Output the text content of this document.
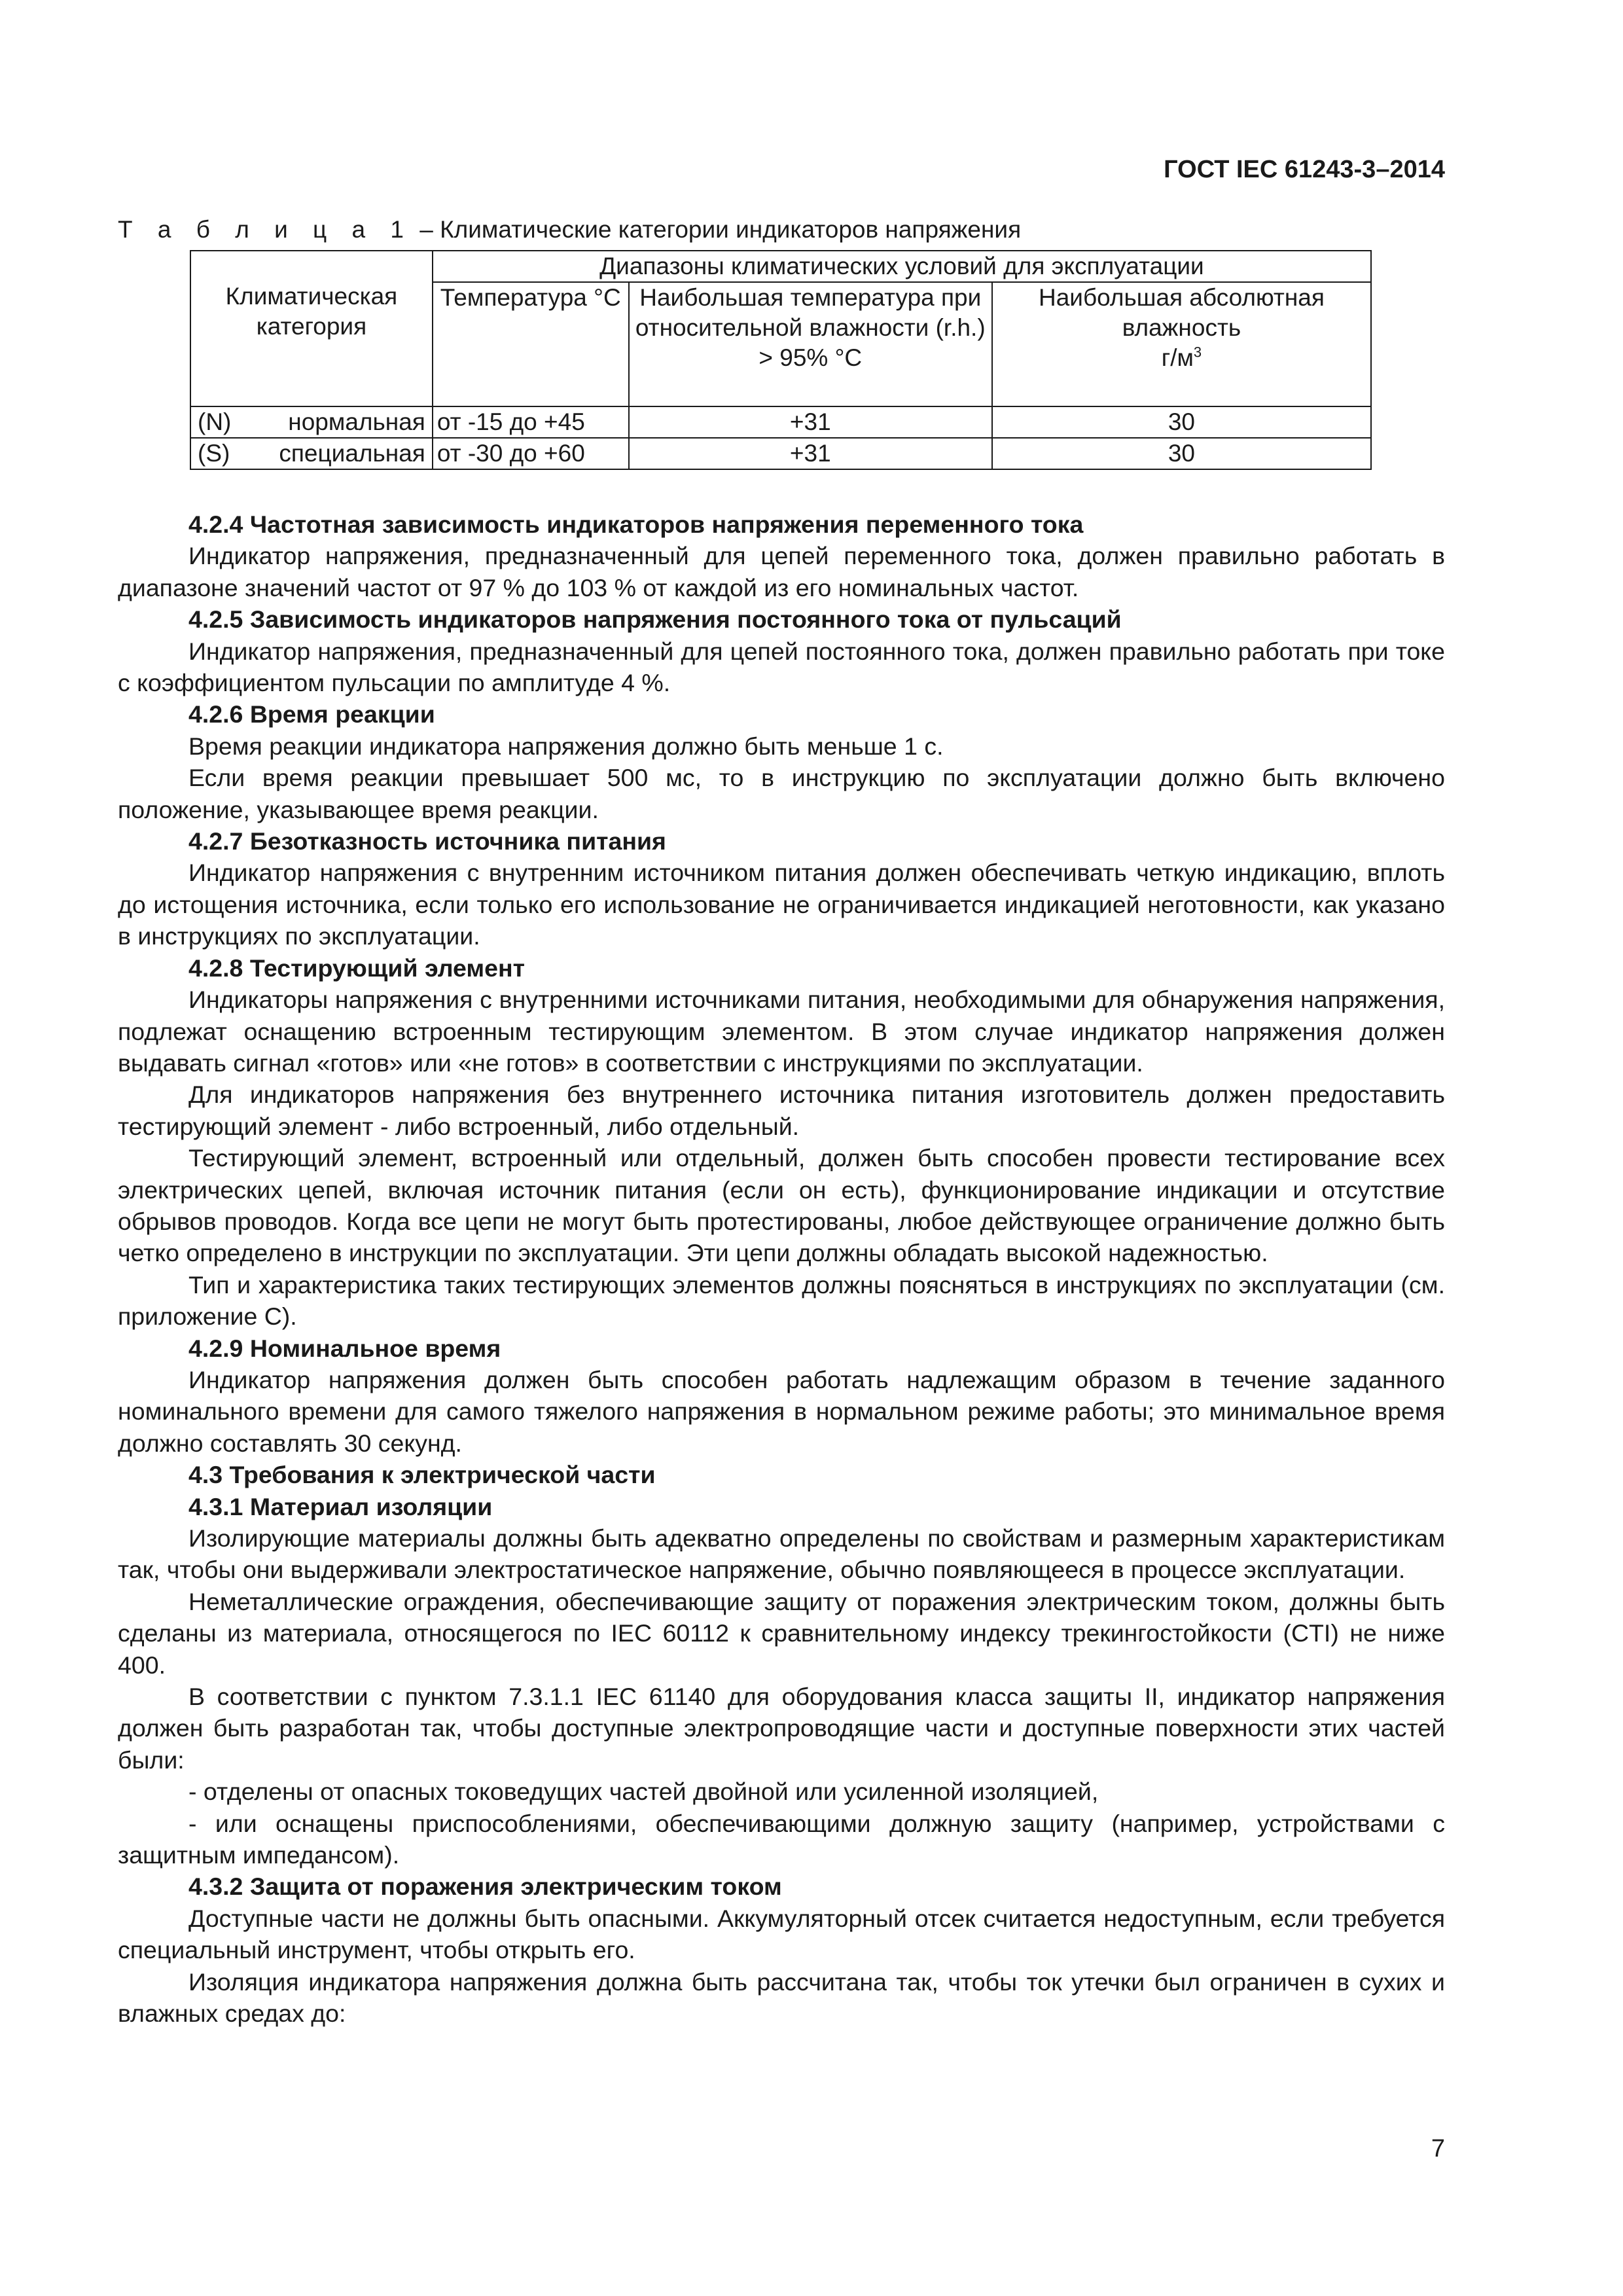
ГОСТ IEC 61243-3–2014
Т а б л и ц а 1 – Климатические категории индикаторов напряжения
Климатическая категория	Диапазоны климатических условий для эксплуатации		
	Температура °С	Наибольшая температура при относительной влажности (r.h.) > 95% °С	Наибольшая абсолютная влажность
$г/м^3$
(N) нормальная	от -15 до +45	+31	30
(S) специальная	от -30 до +60	+31	30

4.2.4 Частотная зависимость индикаторов напряжения переменного тока

Индикатор напряжения, предназначенный для цепей переменного тока, должен правильно работать в диапазоне значений частот от 97 % до 103 % от каждой из его номинальных частот.

4.2.5 Зависимость индикаторов напряжения постоянного тока от пульсаций

Индикатор напряжения, предназначенный для цепей постоянного тока, должен правильно работать при токе с коэффициентом пульсации по амплитуде 4 %.

4.2.6 Время реакции

Время реакции индикатора напряжения должно быть меньше 1 с.

Если время реакции превышает 500 мс, то в инструкцию по эксплуатации должно быть включено положение, указывающее время реакции.

4.2.7 Безотказность источника питания

Индикатор напряжения с внутренним источником питания должен обеспечивать четкую индикацию, вплоть до истощения источника, если только его использование не ограничивается индикацией неготовности, как указано в инструкциях по эксплуатации.

4.2.8 Тестирующий элемент

Индикаторы напряжения с внутренними источниками питания, необходимыми для обнаружения напряжения, подлежат оснащению встроенным тестирующим элементом. В этом случае индикатор напряжения должен выдавать сигнал «готов» или «не готов» в соответствии с инструкциями по эксплуатации.

Для индикаторов напряжения без внутреннего источника питания изготовитель должен предоставить тестирующий элемент - либо встроенный, либо отдельный.

Тестирующий элемент, встроенный или отдельный, должен быть способен провести тестирование всех электрических цепей, включая источник питания (если он есть), функционирование индикации и отсутствие обрывов проводов. Когда все цепи не могут быть протестированы, любое действующее ограничение должно быть четко определено в инструкции по эксплуатации. Эти цепи должны обладать высокой надежностью.

Тип и характеристика таких тестирующих элементов должны поясняться в инструкциях по эксплуатации (см. приложение С).

4.2.9 Номинальное время

Индикатор напряжения должен быть способен работать надлежащим образом в течение заданного номинального времени для самого тяжелого напряжения в нормальном режиме работы; это минимальное время должно составлять 30 секунд.

4.3 Требования к электрической части

4.3.1 Материал изоляции

Изолирующие материалы должны быть адекватно определены по свойствам и размерным характеристикам так, чтобы они выдерживали электростатическое напряжение, обычно появляющееся в процессе эксплуатации.

Неметаллические ограждения, обеспечивающие защиту от поражения электрическим током, должны быть сделаны из материала, относящегося по IEC 60112 к сравнительному индексу трекингостойкости (CTI) не ниже 400.

В соответствии с пунктом 7.3.1.1 IEC 61140 для оборудования класса защиты II, индикатор напряжения должен быть разработан так, чтобы доступные электропроводящие части и доступные поверхности этих частей были:

- отделены от опасных токоведущих частей двойной или усиленной изоляцией,

- или оснащены приспособлениями, обеспечивающими должную защиту (например, устройствами с защитным импедансом).

4.3.2 Защита от поражения электрическим током

Доступные части не должны быть опасными. Аккумуляторный отсек считается недоступным, если требуется специальный инструмент, чтобы открыть его.

Изоляция индикатора напряжения должна быть рассчитана так, чтобы ток утечки был ограничен в сухих и влажных средах до:

7
